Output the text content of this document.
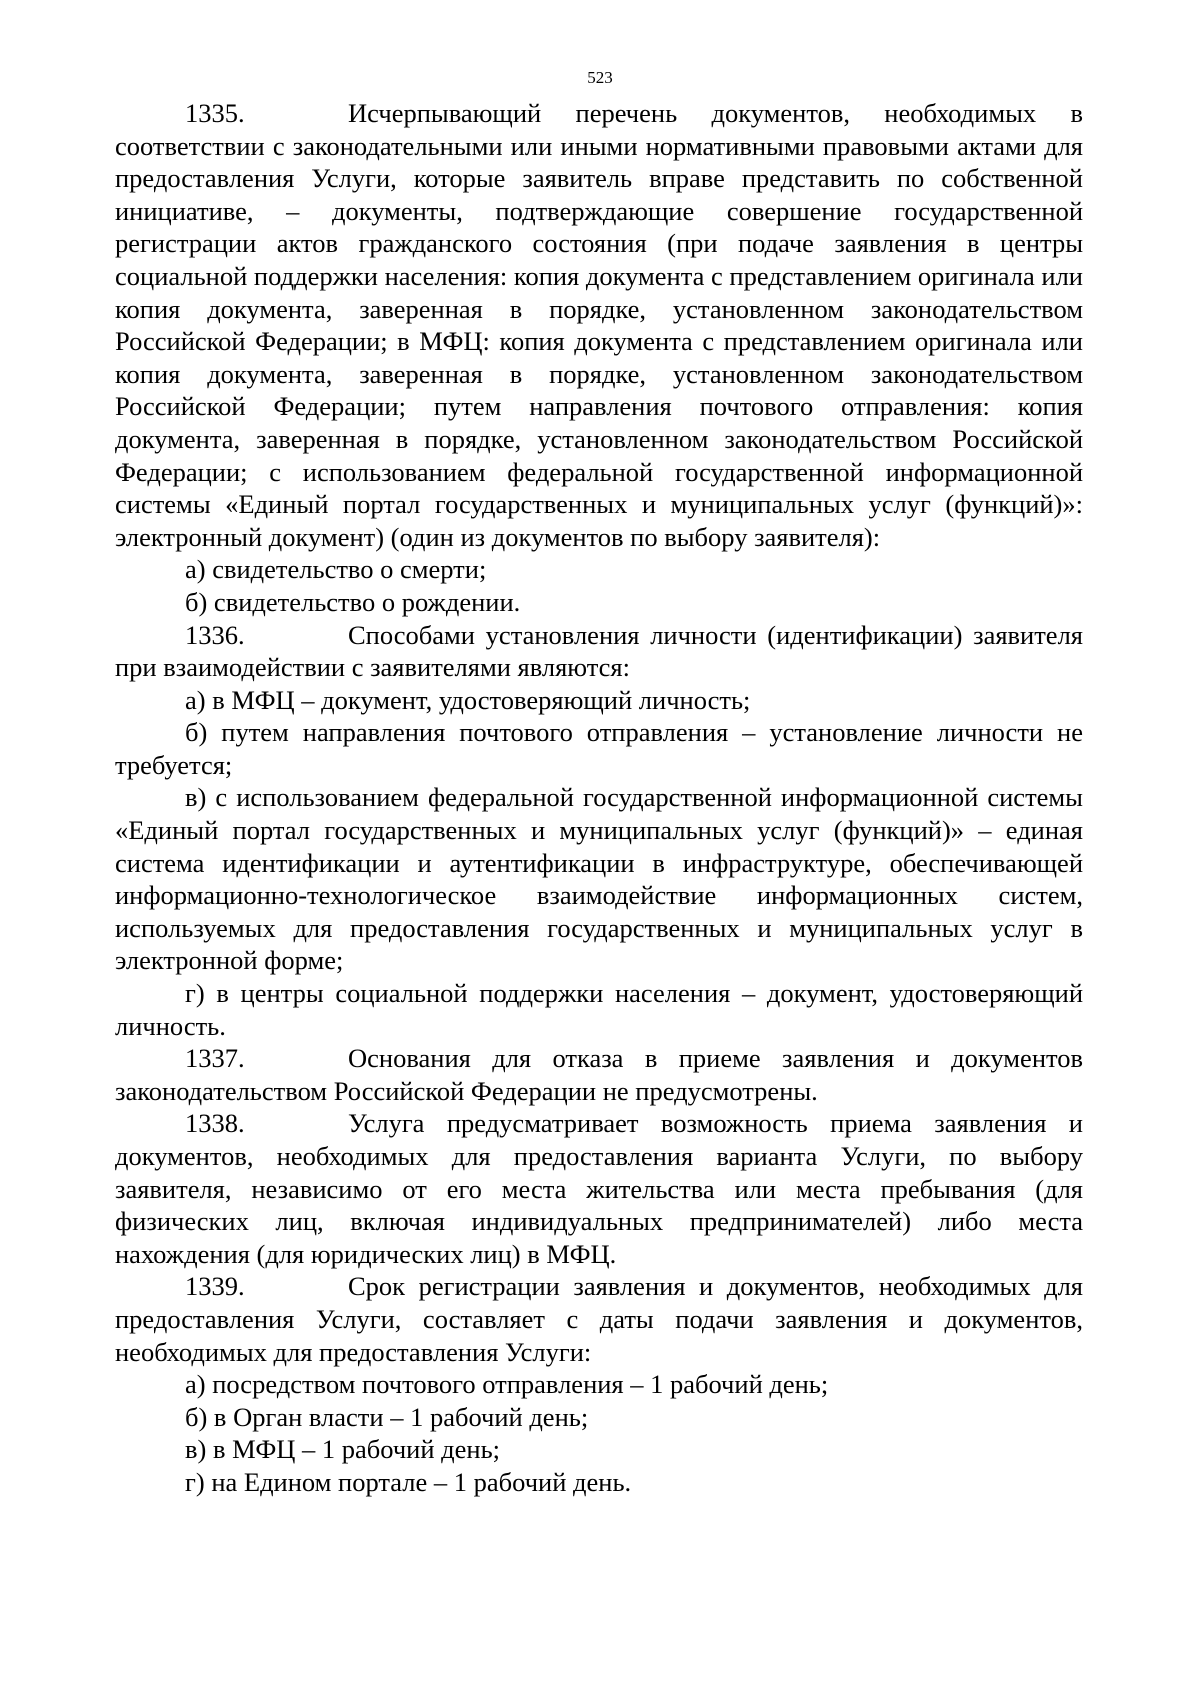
523

1335.	Исчерпывающий перечень документов, необходимых в соответствии с законодательными или иными нормативными правовыми актами для предоставления Услуги, которые заявитель вправе представить по собственной инициативе, – документы, подтверждающие совершение государственной регистрации актов гражданского состояния (при подаче заявления в центры социальной поддержки населения: копия документа с представлением оригинала или копия документа, заверенная в порядке, установленном законодательством Российской Федерации; в МФЦ: копия документа с представлением оригинала или копия документа, заверенная в порядке, установленном законодательством Российской Федерации; путем направления почтового отправления: копия документа, заверенная в порядке, установленном законодательством Российской Федерации; с использованием федеральной государственной информационной системы «Единый портал государственных и муниципальных услуг (функций)»: электронный документ) (один из документов по выбору заявителя):

а) свидетельство о смерти;

б) свидетельство о рождении.

1336.	Способами установления личности (идентификации) заявителя при взаимодействии с заявителями являются:

а) в МФЦ – документ, удостоверяющий личность;

б) путем направления почтового отправления – установление личности не требуется;

в) с использованием федеральной государственной информационной системы «Единый портал государственных и муниципальных услуг (функций)» – единая система идентификации и аутентификации в инфраструктуре, обеспечивающей информационно-технологическое взаимодействие информационных систем, используемых для предоставления государственных и муниципальных услуг в электронной форме;

г) в центры социальной поддержки населения – документ, удостоверяющий личность.

1337.	Основания для отказа в приеме заявления и документов законодательством Российской Федерации не предусмотрены.

1338.	Услуга предусматривает возможность приема заявления и документов, необходимых для предоставления варианта Услуги, по выбору заявителя, независимо от его места жительства или места пребывания (для физических лиц, включая индивидуальных предпринимателей) либо места нахождения (для юридических лиц) в МФЦ.

1339.	Срок регистрации заявления и документов, необходимых для предоставления Услуги, составляет с даты подачи заявления и документов, необходимых для предоставления Услуги:

а) посредством почтового отправления – 1 рабочий день;

б) в Орган власти – 1 рабочий день;

в) в МФЦ – 1 рабочий день;

г) на Едином портале – 1 рабочий день.
